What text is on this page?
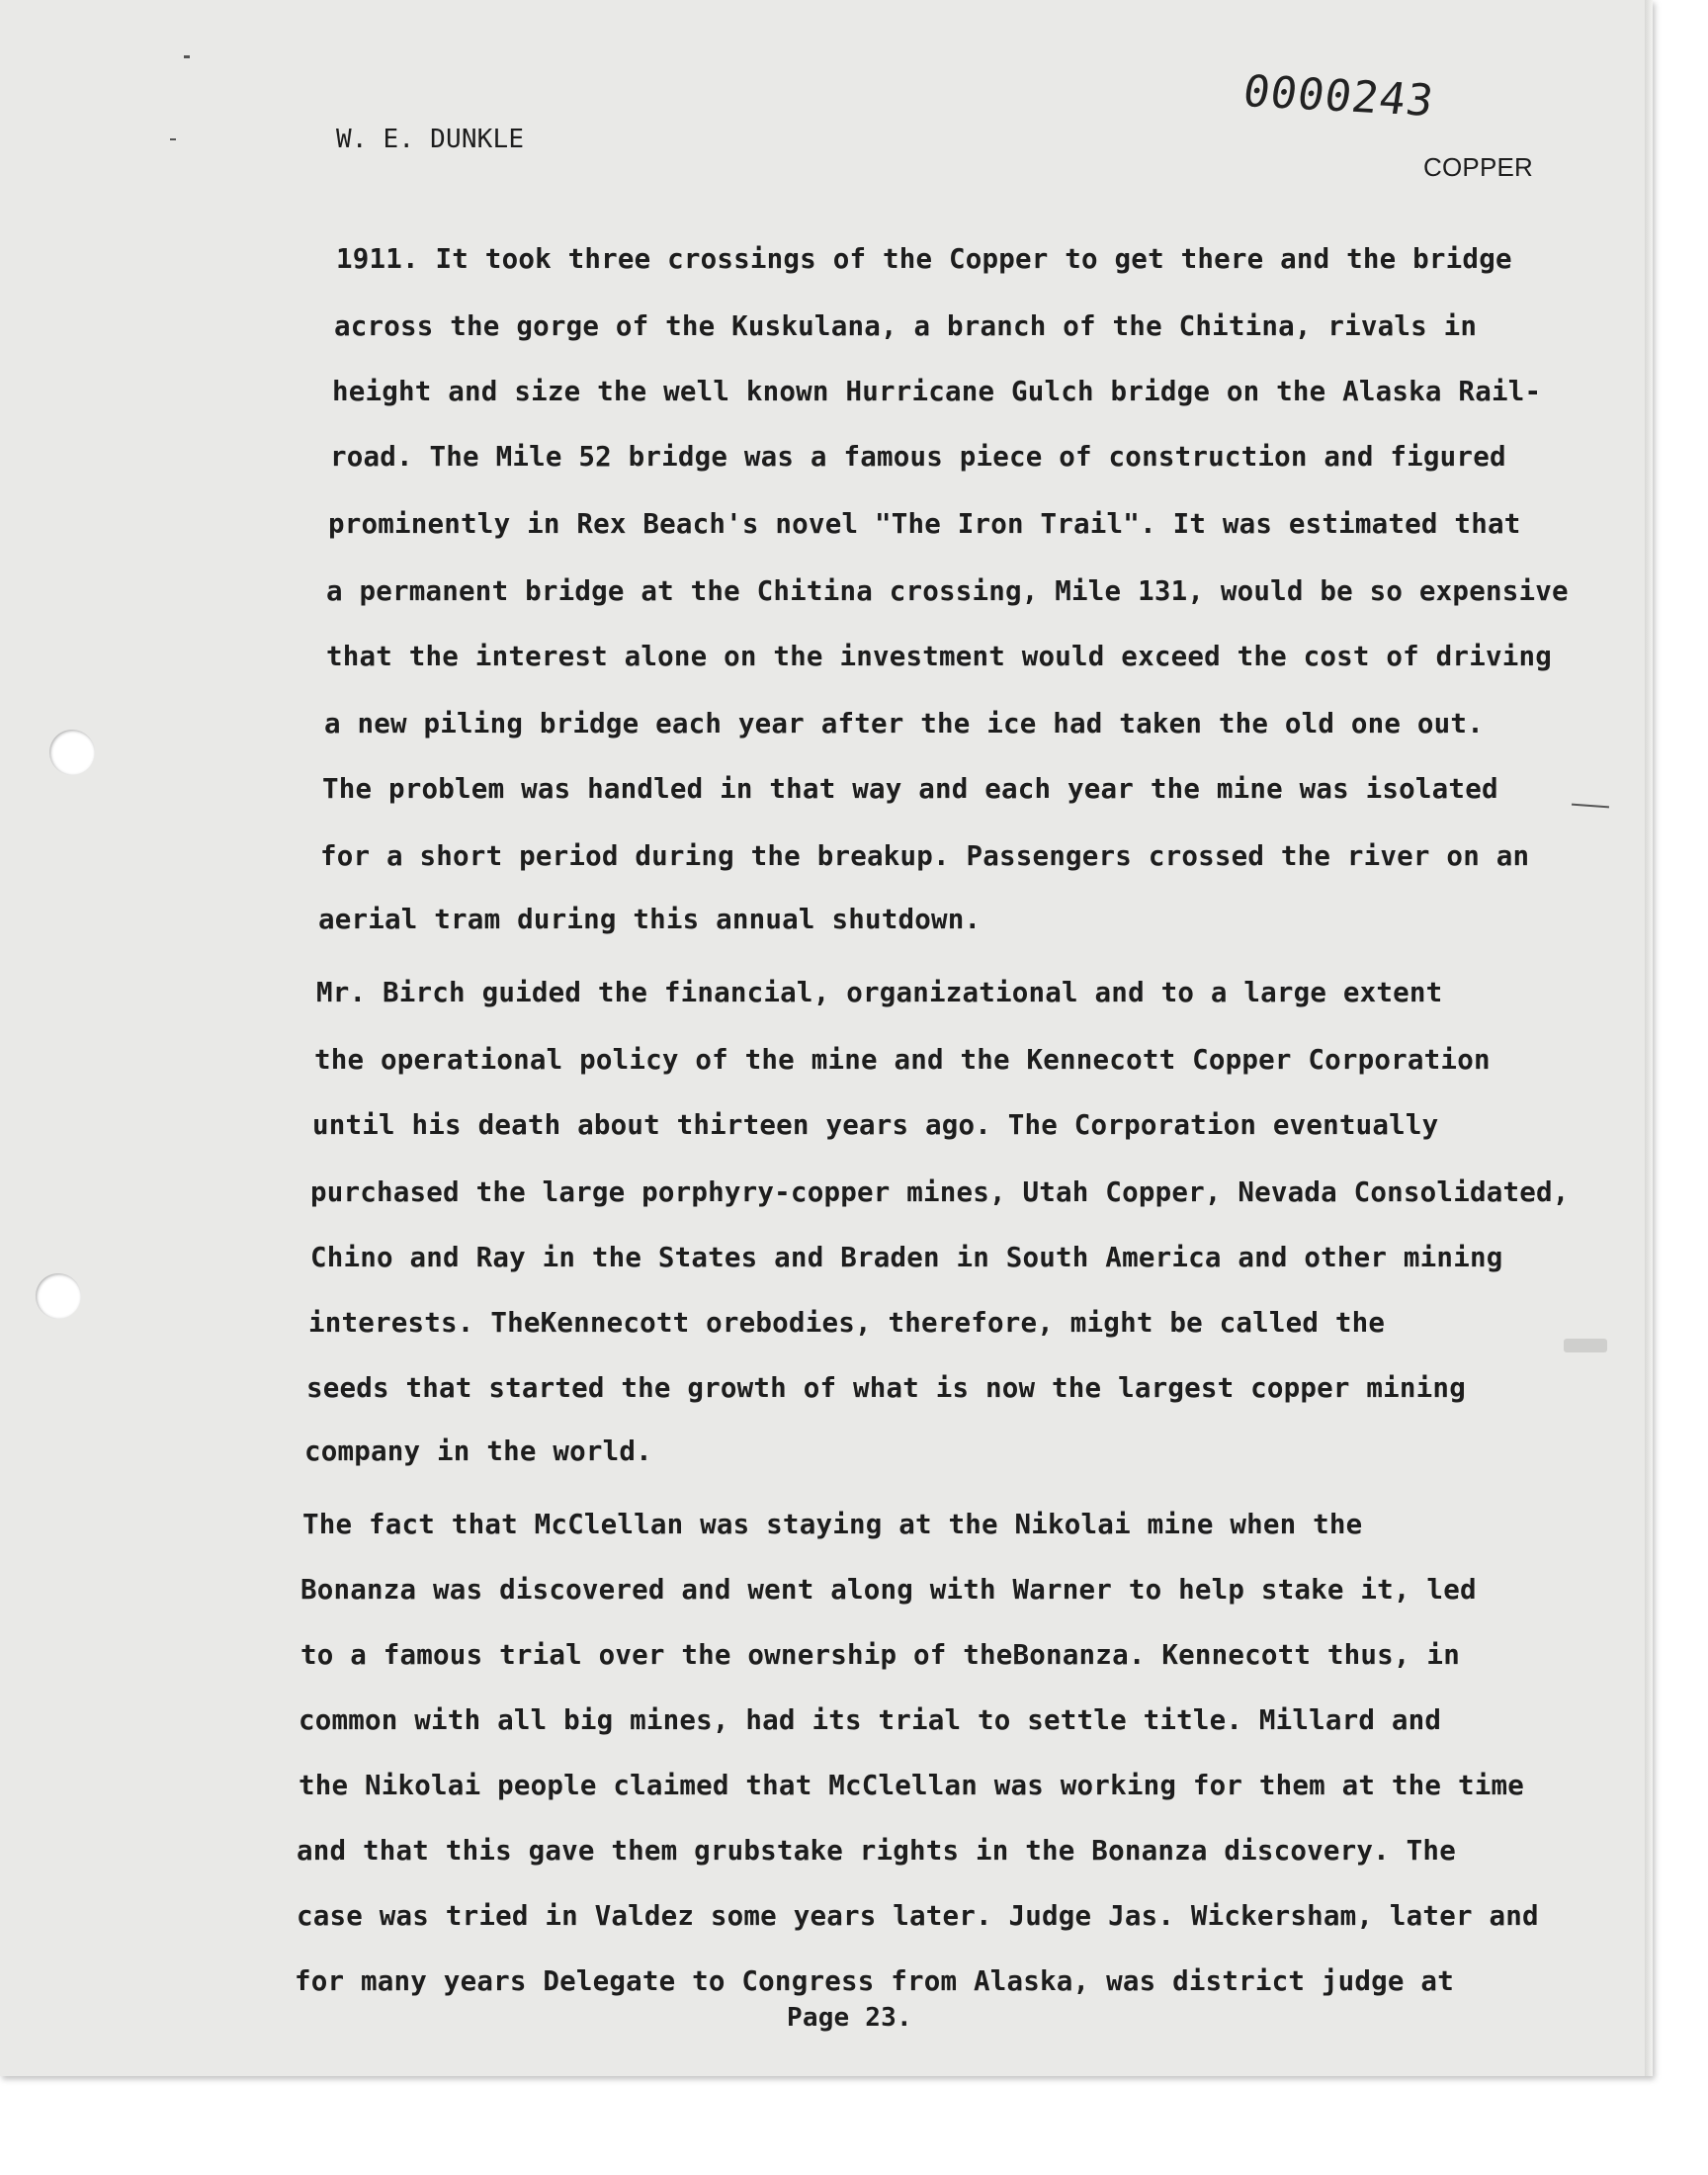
W. E. DUNKLE
0000243
COPPER
1911. It took three crossings of the Copper to get there and the bridge
across the gorge of the Kuskulana, a branch of the Chitina, rivals in
height and size the well known Hurricane Gulch bridge on the Alaska Rail-
road. The Mile 52 bridge was a famous piece of construction and figured
prominently in Rex Beach's novel "The Iron Trail". It was estimated that
a permanent bridge at the Chitina crossing, Mile 131, would be so expensive
that the interest alone on the investment would exceed the cost of driving
a new piling bridge each year after the ice had taken the old one out.
The problem was handled in that way and each year the mine was isolated
for a short period during the breakup. Passengers crossed the river on an
aerial tram during this annual shutdown.
Mr. Birch guided the financial, organizational and to a large extent
the operational policy of the mine and the Kennecott Copper Corporation
until his death about thirteen years ago. The Corporation eventually
purchased the large porphyry-copper mines, Utah Copper, Nevada Consolidated,
Chino and Ray in the States and Braden in South America and other mining
interests. TheKennecott orebodies, therefore, might be called the
seeds that started the growth of what is now the largest copper mining
company in the world.
The fact that McClellan was staying at the Nikolai mine when the
Bonanza was discovered and went along with Warner to help stake it, led
to a famous trial over the ownership of theBonanza. Kennecott thus, in
common with all big mines, had its trial to settle title. Millard and
the Nikolai people claimed that McClellan was working for them at the time
and that this gave them grubstake rights in the Bonanza discovery. The
case was tried in Valdez some years later. Judge Jas. Wickersham, later and
for many years Delegate to Congress from Alaska, was district judge at
Page 23.
